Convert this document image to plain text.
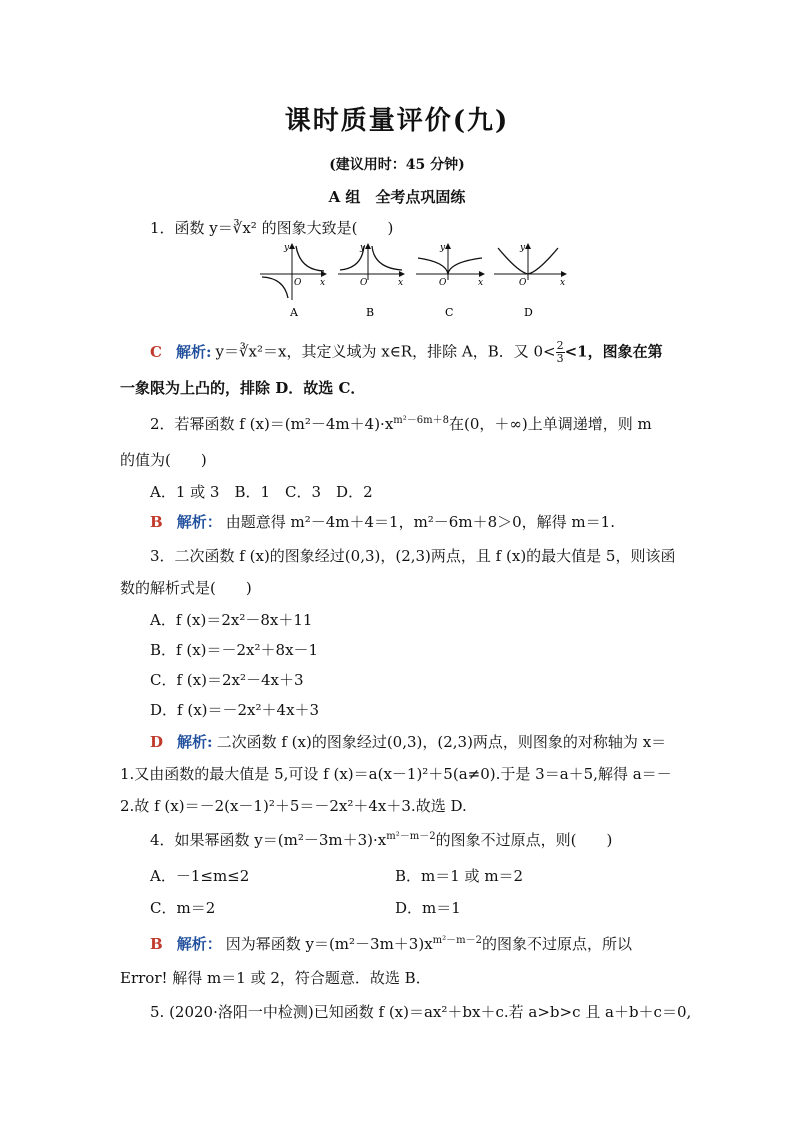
课时质量评价(九)
(建议用时：45 分钟)
A 组　全考点巩固练
1．函数 y＝∛x² 的图象大致是(　　)
y
x
O
A
y
x
O
B
y
x
O
C
y
x
O
D
C 解析: y＝∛x²＝x，其定义域为 x∈R，排除 A，B．又 $0< \frac{2}{3} <1$，图象在第
一象限为上凸的，排除 D．故选 C．
2．若幂函数 f $(x)=(m^2-4m+4)\cdot x^{m^2-6m+8}$在(0，＋∞)上单调递增，则 m
的值为(　　)
A．1 或 3　B．1　C．3　D．2
B 解析： 由题意得 m²－4m＋4＝1，m²－6m＋8＞0，解得 m＝1.
3．二次函数 f (x)的图象经过(0,3)，(2,3)两点，且 f (x)的最大值是 5，则该函
数的解析式是(　　)
A．f (x)＝2x²－8x＋11
B．f (x)＝－2x²＋8x－1
C．f (x)＝2x²－4x＋3
D．f (x)＝－2x²＋4x＋3
D 解析: 二次函数 f (x)的图象经过(0,3)，(2,3)两点，则图象的对称轴为 x＝
1.又由函数的最大值是 5,可设 f (x)＝a(x－1)²＋5(a≠0).于是 3＝a＋5,解得 a＝－
2.故 f (x)＝－2(x－1)²＋5＝－2x²＋4x＋3.故选 D.
4．如果幂函数 $y=(m^2-3m+3)\cdot x^{m^2-m-2}$的图象不过原点，则(　　)
A．－1≤m≤2	B．m＝1 或 m＝2
C．m＝2	D．m＝1
B 解析： 因为幂函数 $y=(m^2-3m+3)x^{m^2-m-2}$的图象不过原点，所以
Error! 解得 m＝1 或 2，符合题意．故选 B．
5. (2020·洛阳一中检测)已知函数 f (x)＝ax²＋bx＋c.若 a>b>c 且 a＋b＋c＝0,
